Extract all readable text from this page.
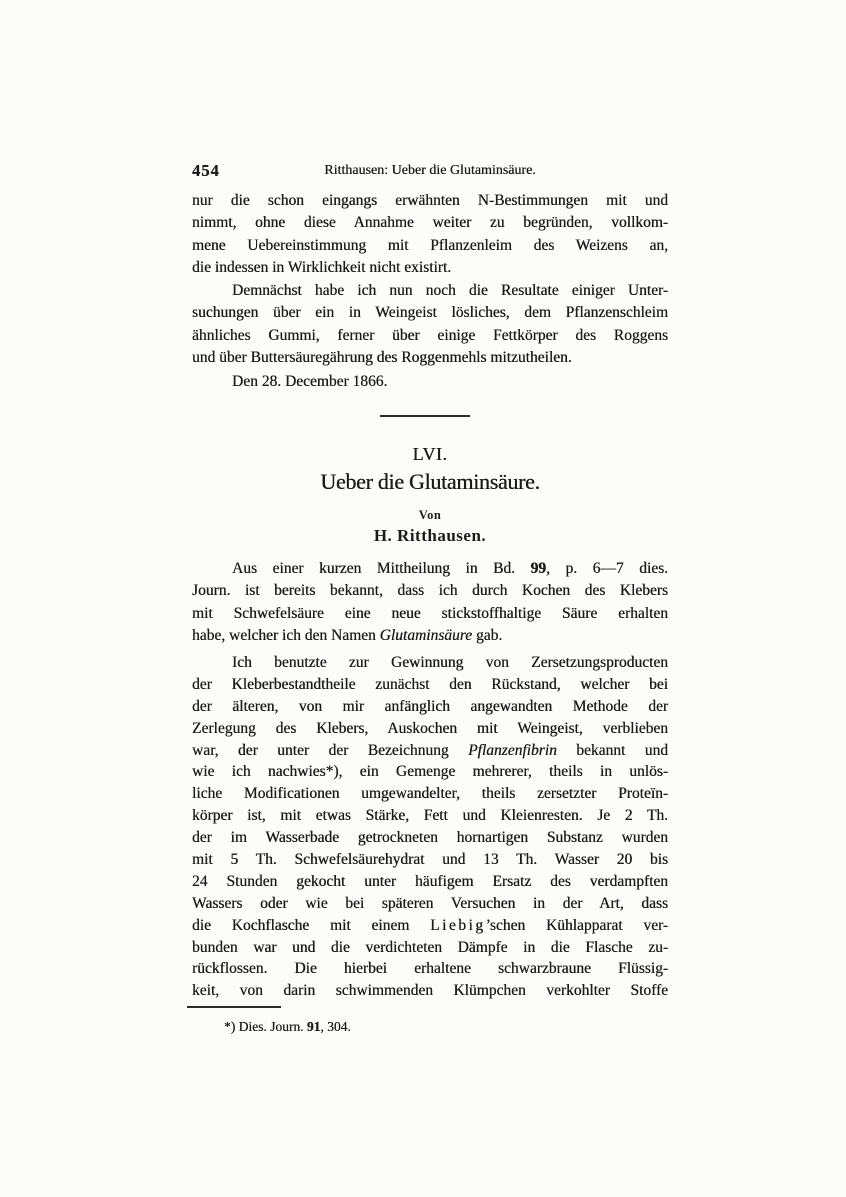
454	Ritthausen: Ueber die Glutaminsäure.
nur die schon eingangs erwähnten N-Bestimmungen mit und
nimmt, ohne diese Annahme weiter zu begründen, vollkom-
mene Uebereinstimmung mit Pflanzenleim des Weizens an,
die indessen in Wirklichkeit nicht existirt.
Demnächst habe ich nun noch die Resultate einiger Unter-
suchungen über ein in Weingeist lösliches, dem Pflanzenschleim
ähnliches Gummi, ferner über einige Fettkörper des Roggens
und über Buttersäuregährung des Roggenmehls mitzutheilen.
Den 28. December 1866.
LVI.
Ueber die Glutaminsäure.
Von
H. Ritthausen.
Aus einer kurzen Mittheilung in Bd. 99, p. 6—7 dies.
Journ. ist bereits bekannt, dass ich durch Kochen des Klebers
mit Schwefelsäure eine neue stickstoffhaltige Säure erhalten
habe, welcher ich den Namen Glutaminsäure gab.
Ich benutzte zur Gewinnung von Zersetzungsproducten
der Kleberbestandtheile zunächst den Rückstand, welcher bei
der älteren, von mir anfänglich angewandten Methode der
Zerlegung des Klebers, Auskochen mit Weingeist, verblieben
war, der unter der Bezeichnung Pflanzenfibrin bekannt und
wie ich nachwies*), ein Gemenge mehrerer, theils in unlös-
liche Modificationen umgewandelter, theils zersetzter Proteïn-
körper ist, mit etwas Stärke, Fett und Kleienresten. Je 2 Th.
der im Wasserbade getrockneten hornartigen Substanz wurden
mit 5 Th. Schwefelsäurehydrat und 13 Th. Wasser 20 bis
24 Stunden gekocht unter häufigem Ersatz des verdampften
Wassers oder wie bei späteren Versuchen in der Art, dass
die Kochflasche mit einem Liebig’schen Kühlapparat ver-
bunden war und die verdichteten Dämpfe in die Flasche zu-
rückflossen. Die hierbei erhaltene schwarzbraune Flüssig-
keit, von darin schwimmenden Klümpchen verkohlter Stoffe
*) Dies. Journ. 91, 304.
